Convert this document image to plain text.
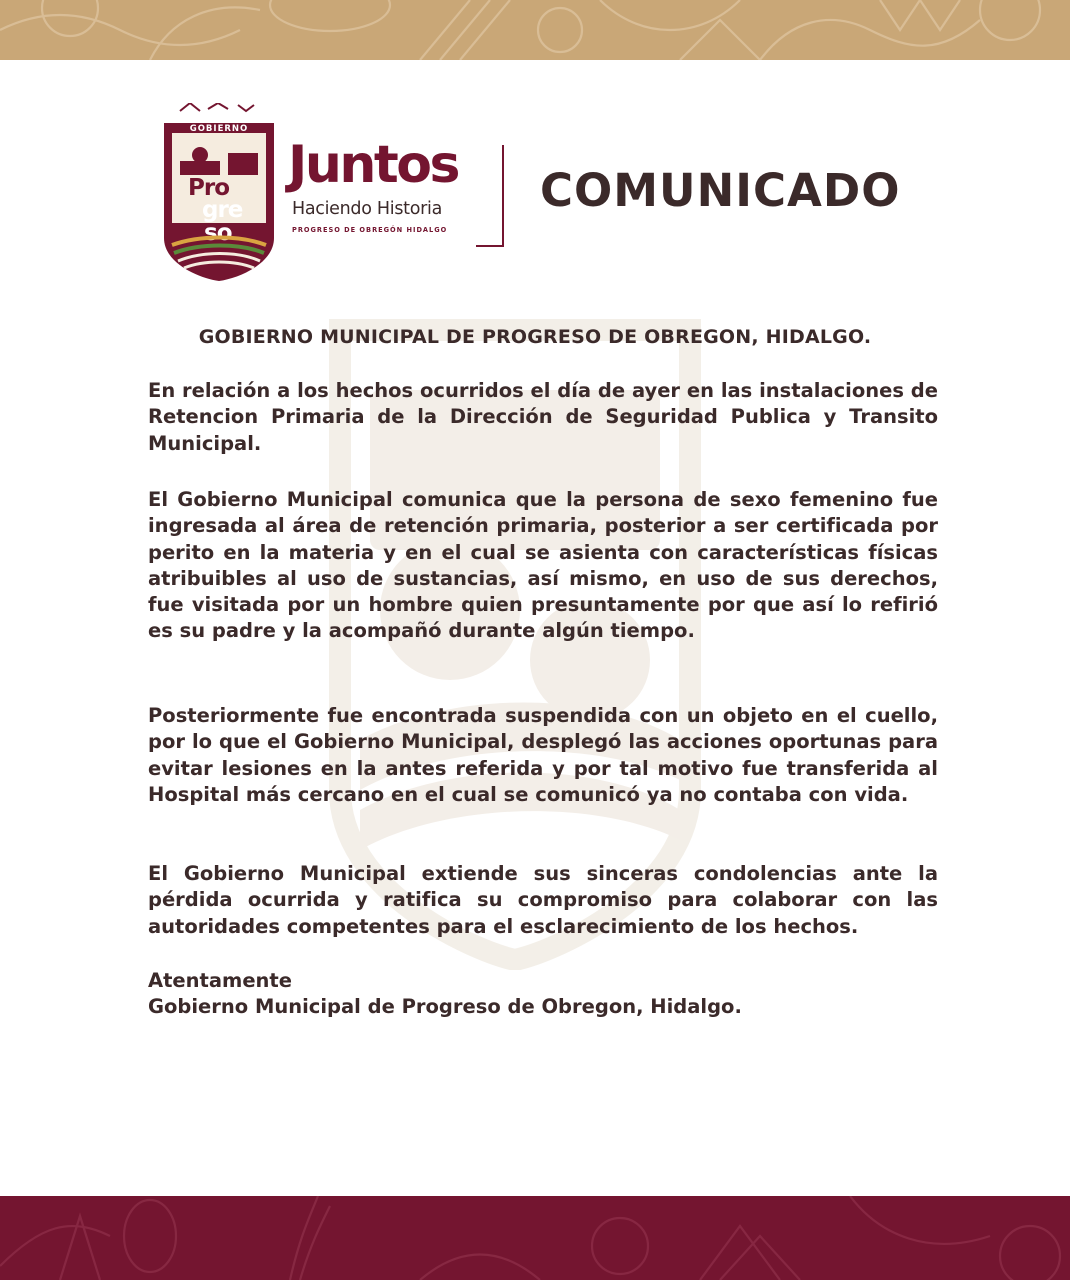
GOBIERNO
Pro
gre
so
Juntos
Haciendo Historia
PROGRESO DE OBREGÓN HIDALGO
COMUNICADO
GOBIERNO MUNICIPAL DE PROGRESO DE OBREGON, HIDALGO.

En relación a los hechos ocurridos el día de ayer en las instalaciones de Retencion Primaria de la Dirección de Seguridad Publica y Transito Municipal.

El Gobierno Municipal comunica que la persona de sexo femenino fue ingresada al área de retención primaria, posterior a ser certificada por perito en la materia y en el cual se asienta con características físicas atribuibles al uso de sustancias, así mismo, en uso de sus derechos, fue visitada por un hombre quien presuntamente por que así lo refirió es su padre y la acompañó durante algún tiempo.

Posteriormente fue encontrada suspendida con un objeto en el cuello, por lo que el Gobierno Municipal, desplegó las acciones oportunas para evitar lesiones en la antes referida y por tal motivo fue transferida al Hospital más cercano en el cual se comunicó ya no contaba con vida.

El Gobierno Municipal extiende sus sinceras condolencias ante la pérdida ocurrida y ratifica su compromiso para colaborar con las autoridades competentes para el esclarecimiento de los hechos.

Atentamente
Gobierno Municipal de Progreso de Obregon, Hidalgo.
